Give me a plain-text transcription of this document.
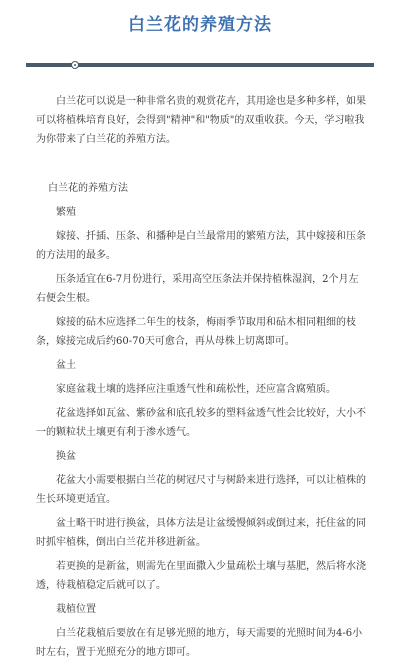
白兰花的养殖方法

白兰花可以说是一种非常名贵的观赏花卉，其用途也是多种多样，如果可以将植株培育良好，会得到"精神"和"物质"的双重收获。今天，学习啦我为你带来了白兰花的养殖方法。

白兰花的养殖方法

繁殖

嫁接、扦插、压条、和播种是白兰最常用的繁殖方法，其中嫁接和压条的方法用的最多。

压条适宜在6-7月份进行，采用高空压条法并保持植株湿润，2个月左右便会生根。

嫁接的砧木应选择二年生的枝条，梅雨季节取用和砧木相同粗细的枝条，嫁接完成后约60-70天可愈合，再从母株上切离即可。

盆土

家庭盆栽土壤的选择应注重透气性和疏松性，还应富含腐殖质。

花盆选择如瓦盆、紫砂盆和底孔较多的塑料盆透气性会比较好，大小不一的颗粒状土壤更有利于渗水透气。

换盆

花盆大小需要根据白兰花的树冠尺寸与树龄来进行选择，可以让植株的生长环境更适宜。

盆土略干时进行换盆，具体方法是让盆缓慢倾斜或倒过来，托住盆的同时抓牢植株，倒出白兰花并移进新盆。

若更换的是新盆，则需先在里面撒入少量疏松土壤与基肥，然后将水浇透，待栽植稳定后就可以了。

栽植位置

白兰花栽植后要放在有足够光照的地方，每天需要的光照时间为4-6小时左右，置于光照充分的地方即可。
